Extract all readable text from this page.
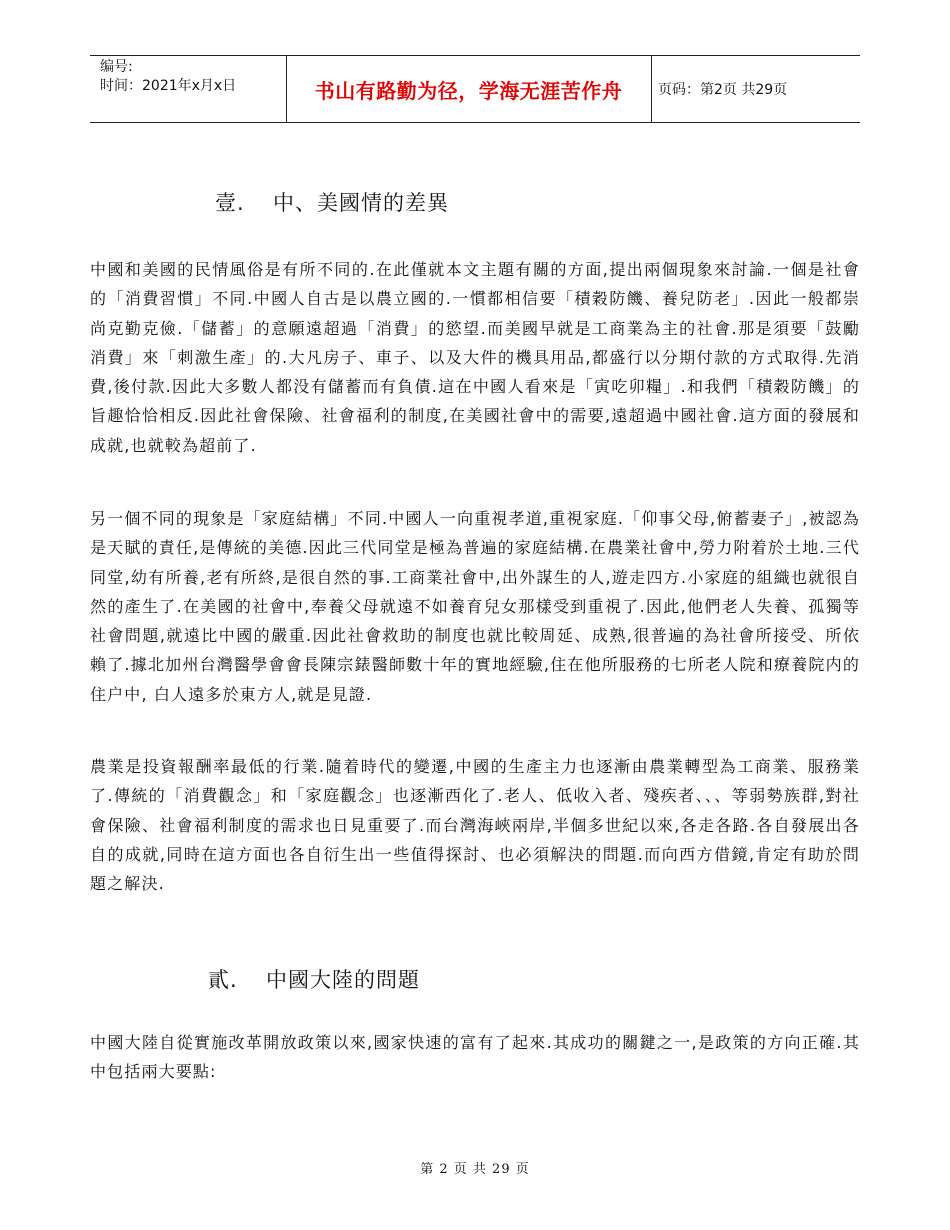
编号:
时间：2021年x月x日	书山有路勤为径，学海无涯苦作舟	页码：第2页 共29页
壹. 中、美國情的差異

中國和美國的民情風俗是有所不同的.在此僅就本文主題有關的方面,提出兩個現象來討論.一個是社會的「消費習慣」不同.中國人自古是以農立國的.一慣都相信要「積穀防饑、養兒防老」.因此一般都崇尚克勤克儉.「儲蓄」的意願遠超過「消費」的慾望.而美國早就是工商業為主的社會.那是須要「鼓勵消費」來「刺激生產」的.大凡房子、車子、以及大件的機具用品,都盛行以分期付款的方式取得.先消費,後付款.因此大多數人都没有儲蓄而有負債.這在中國人看來是「寅吃卯糧」.和我們「積穀防饑」的旨趣恰恰相反.因此社會保險、社會福利的制度,在美國社會中的需要,遠超過中國社會.這方面的發展和成就,也就較為超前了.

另一個不同的現象是「家庭結構」不同.中國人一向重視孝道,重視家庭.「仰事父母,俯蓄妻子」,被認為是天賦的責任,是傳統的美德.因此三代同堂是極為普遍的家庭結構.在農業社會中,勞力附着於土地.三代同堂,幼有所養,老有所終,是很自然的事.工商業社會中,出外謀生的人,遊走四方.小家庭的組織也就很自然的產生了.在美國的社會中,奉養父母就遠不如養育兒女那樣受到重視了.因此,他們老人失養、孤獨等社會問題,就遠比中國的嚴重.因此社會救助的制度也就比較周延、成熟,很普遍的為社會所接受、所依賴了.據北加州台灣醫學會會長陳宗錶醫師數十年的實地經驗,住在他所服務的七所老人院和療養院内的住户中, 白人遠多於東方人,就是見證.

農業是投資報酬率最低的行業.隨着時代的變遷,中國的生產主力也逐漸由農業轉型為工商業、服務業了.傳統的「消費觀念」和「家庭觀念」也逐漸西化了.老人、低收入者、殘疾者、、、等弱勢族群,對社會保險、社會福利制度的需求也日見重要了.而台灣海峽兩岸,半個多世紀以來,各走各路.各自發展出各自的成就,同時在這方面也各自衍生出一些值得探討、也必須解決的問題.而向西方借鏡,肯定有助於問題之解決.

貳. 中國大陸的問題

中國大陸自從實施改革開放政策以來,國家快速的富有了起來.其成功的關鍵之一,是政策的方向正確.其中包括兩大要點:

第 2 页 共 29 页
